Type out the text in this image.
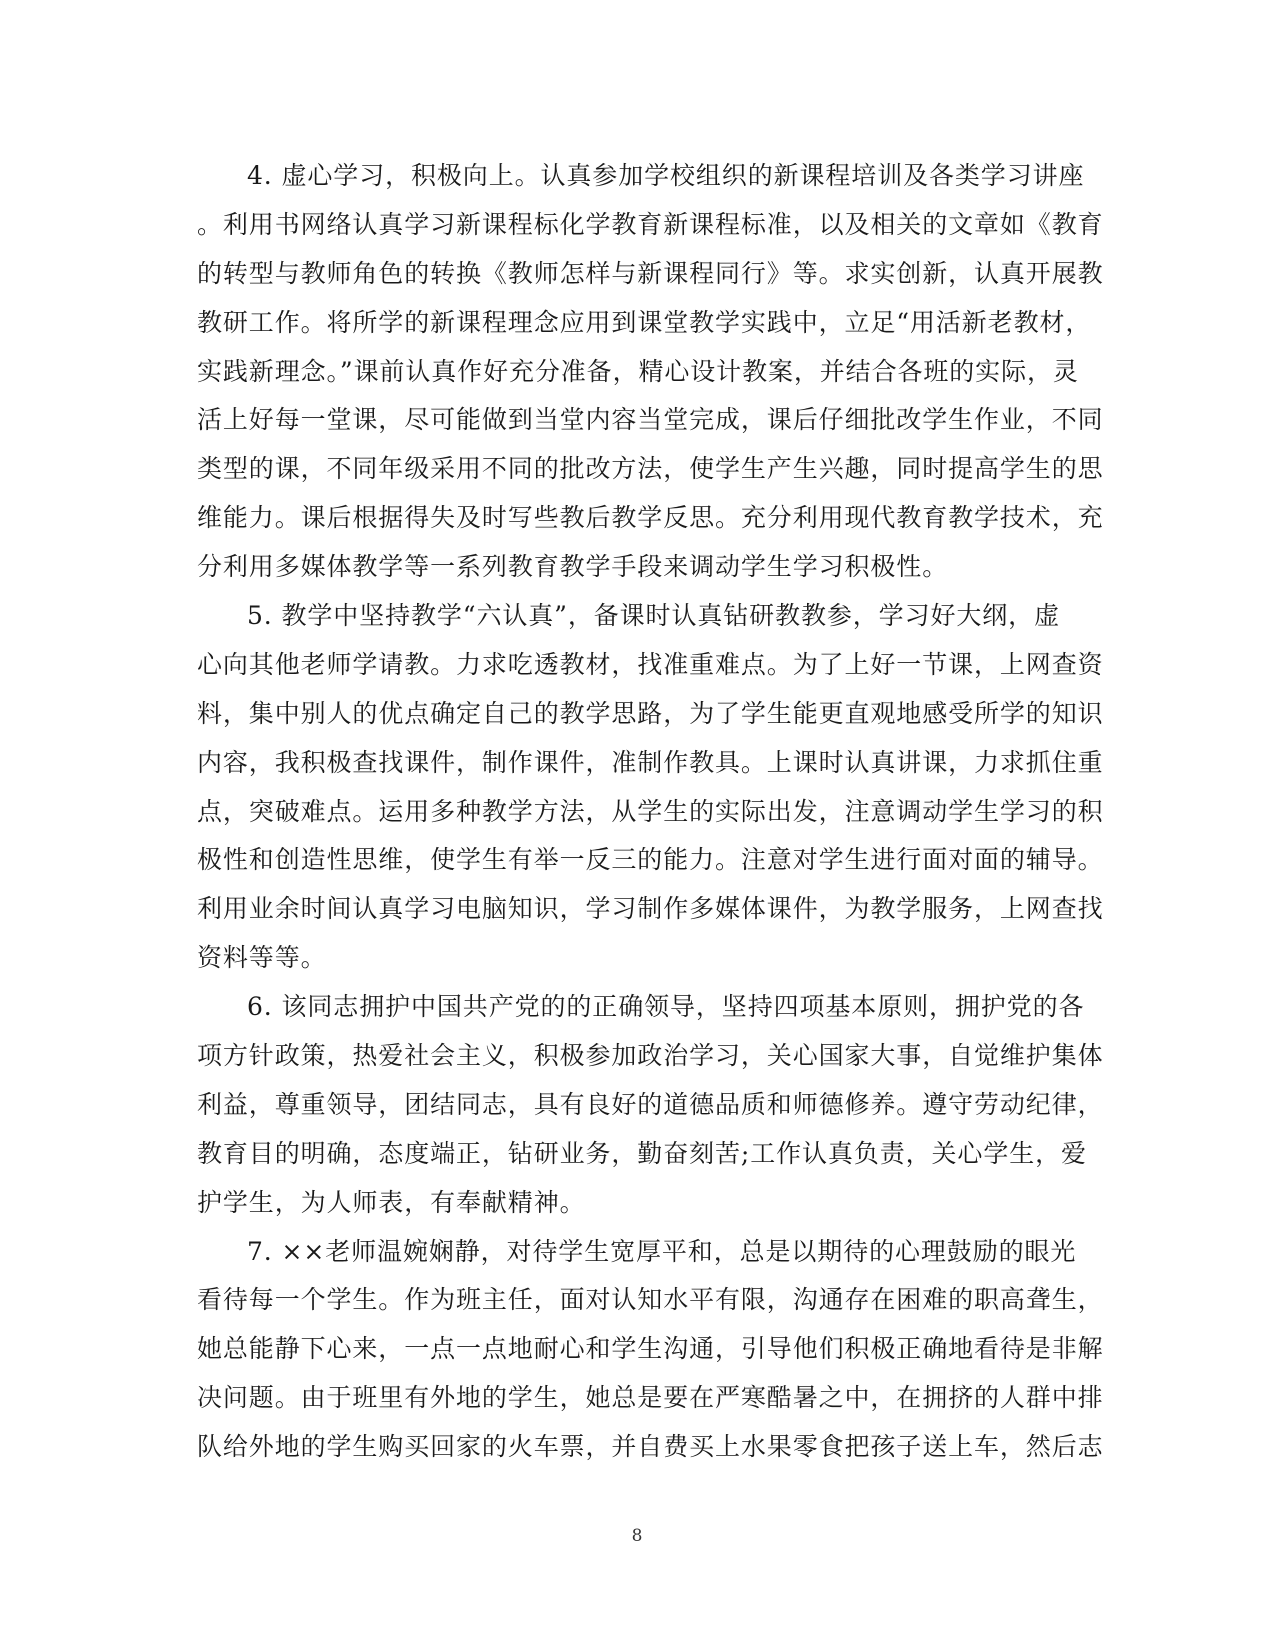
4. 虚心学习，积极向上。认真参加学校组织的新课程培训及各类学习讲座
。利用书网络认真学习新课程标化学教育新课程标准，以及相关的文章如《教育
的转型与教师角色的转换《教师怎样与新课程同行》等。求实创新，认真开展教
教研工作。将所学的新课程理念应用到课堂教学实践中，立足“用活新老教材，
实践新理念。”课前认真作好充分准备，精心设计教案，并结合各班的实际，灵
活上好每一堂课，尽可能做到当堂内容当堂完成，课后仔细批改学生作业，不同
类型的课，不同年级采用不同的批改方法，使学生产生兴趣，同时提高学生的思
维能力。课后根据得失及时写些教后教学反思。充分利用现代教育教学技术，充
分利用多媒体教学等一系列教育教学手段来调动学生学习积极性。
5. 教学中坚持教学“六认真”，备课时认真钻研教教参，学习好大纲，虚
心向其他老师学请教。力求吃透教材，找准重难点。为了上好一节课，上网查资
料，集中别人的优点确定自己的教学思路，为了学生能更直观地感受所学的知识
内容，我积极查找课件，制作课件，准制作教具。上课时认真讲课，力求抓住重
点，突破难点。运用多种教学方法，从学生的实际出发，注意调动学生学习的积
极性和创造性思维，使学生有举一反三的能力。注意对学生进行面对面的辅导。
利用业余时间认真学习电脑知识，学习制作多媒体课件，为教学服务，上网查找
资料等等。
6. 该同志拥护中国共产党的的正确领导，坚持四项基本原则，拥护党的各
项方针政策，热爱社会主义，积极参加政治学习，关心国家大事，自觉维护集体
利益，尊重领导，团结同志，具有良好的道德品质和师德修养。遵守劳动纪律，
教育目的明确，态度端正，钻研业务，勤奋刻苦;工作认真负责，关心学生，爱
护学生，为人师表，有奉献精神。
7. ××老师温婉娴静，对待学生宽厚平和，总是以期待的心理鼓励的眼光
看待每一个学生。作为班主任，面对认知水平有限，沟通存在困难的职高聋生，
她总能静下心来，一点一点地耐心和学生沟通，引导他们积极正确地看待是非解
决问题。由于班里有外地的学生，她总是要在严寒酷暑之中，在拥挤的人群中排
队给外地的学生购买回家的火车票，并自费买上水果零食把孩子送上车，然后志
8
